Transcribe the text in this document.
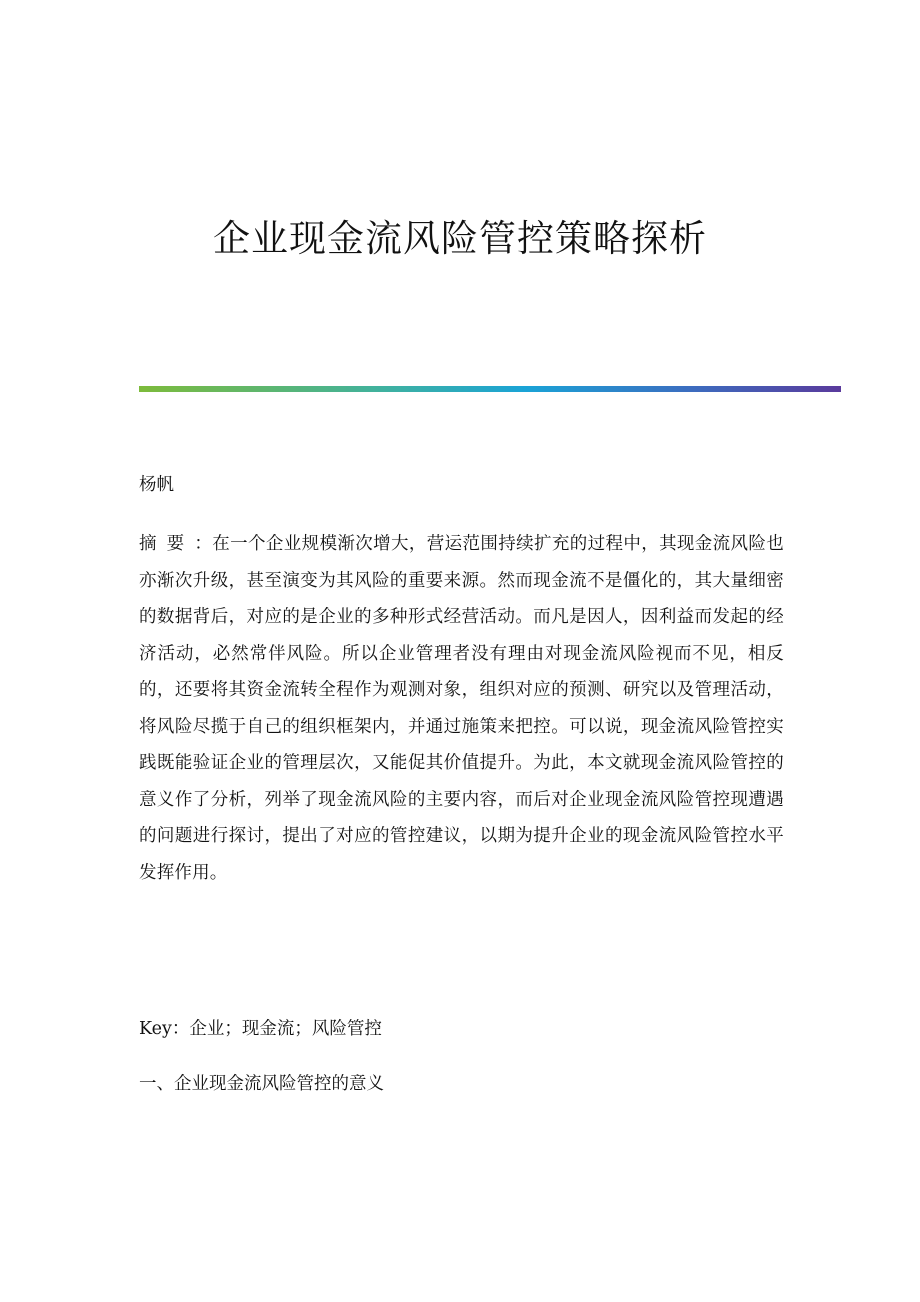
企业现金流风险管控策略探析

杨帆

摘要：在一个企业规模渐次增大，营运范围持续扩充的过程中，其现金流风险也亦渐次升级，甚至演变为其风险的重要来源。然而现金流不是僵化的，其大量细密的数据背后，对应的是企业的多种形式经营活动。而凡是因人，因利益而发起的经济活动，必然常伴风险。所以企业管理者没有理由对现金流风险视而不见，相反的，还要将其资金流转全程作为观测对象，组织对应的预测、研究以及管理活动，将风险尽揽于自己的组织框架内，并通过施策来把控。可以说，现金流风险管控实践既能验证企业的管理层次，又能促其价值提升。为此，本文就现金流风险管控的意义作了分析，列举了现金流风险的主要内容，而后对企业现金流风险管控现遭遇的问题进行探讨，提出了对应的管控建议，以期为提升企业的现金流风险管控水平发挥作用。

Key：企业；现金流；风险管控

一、企业现金流风险管控的意义
